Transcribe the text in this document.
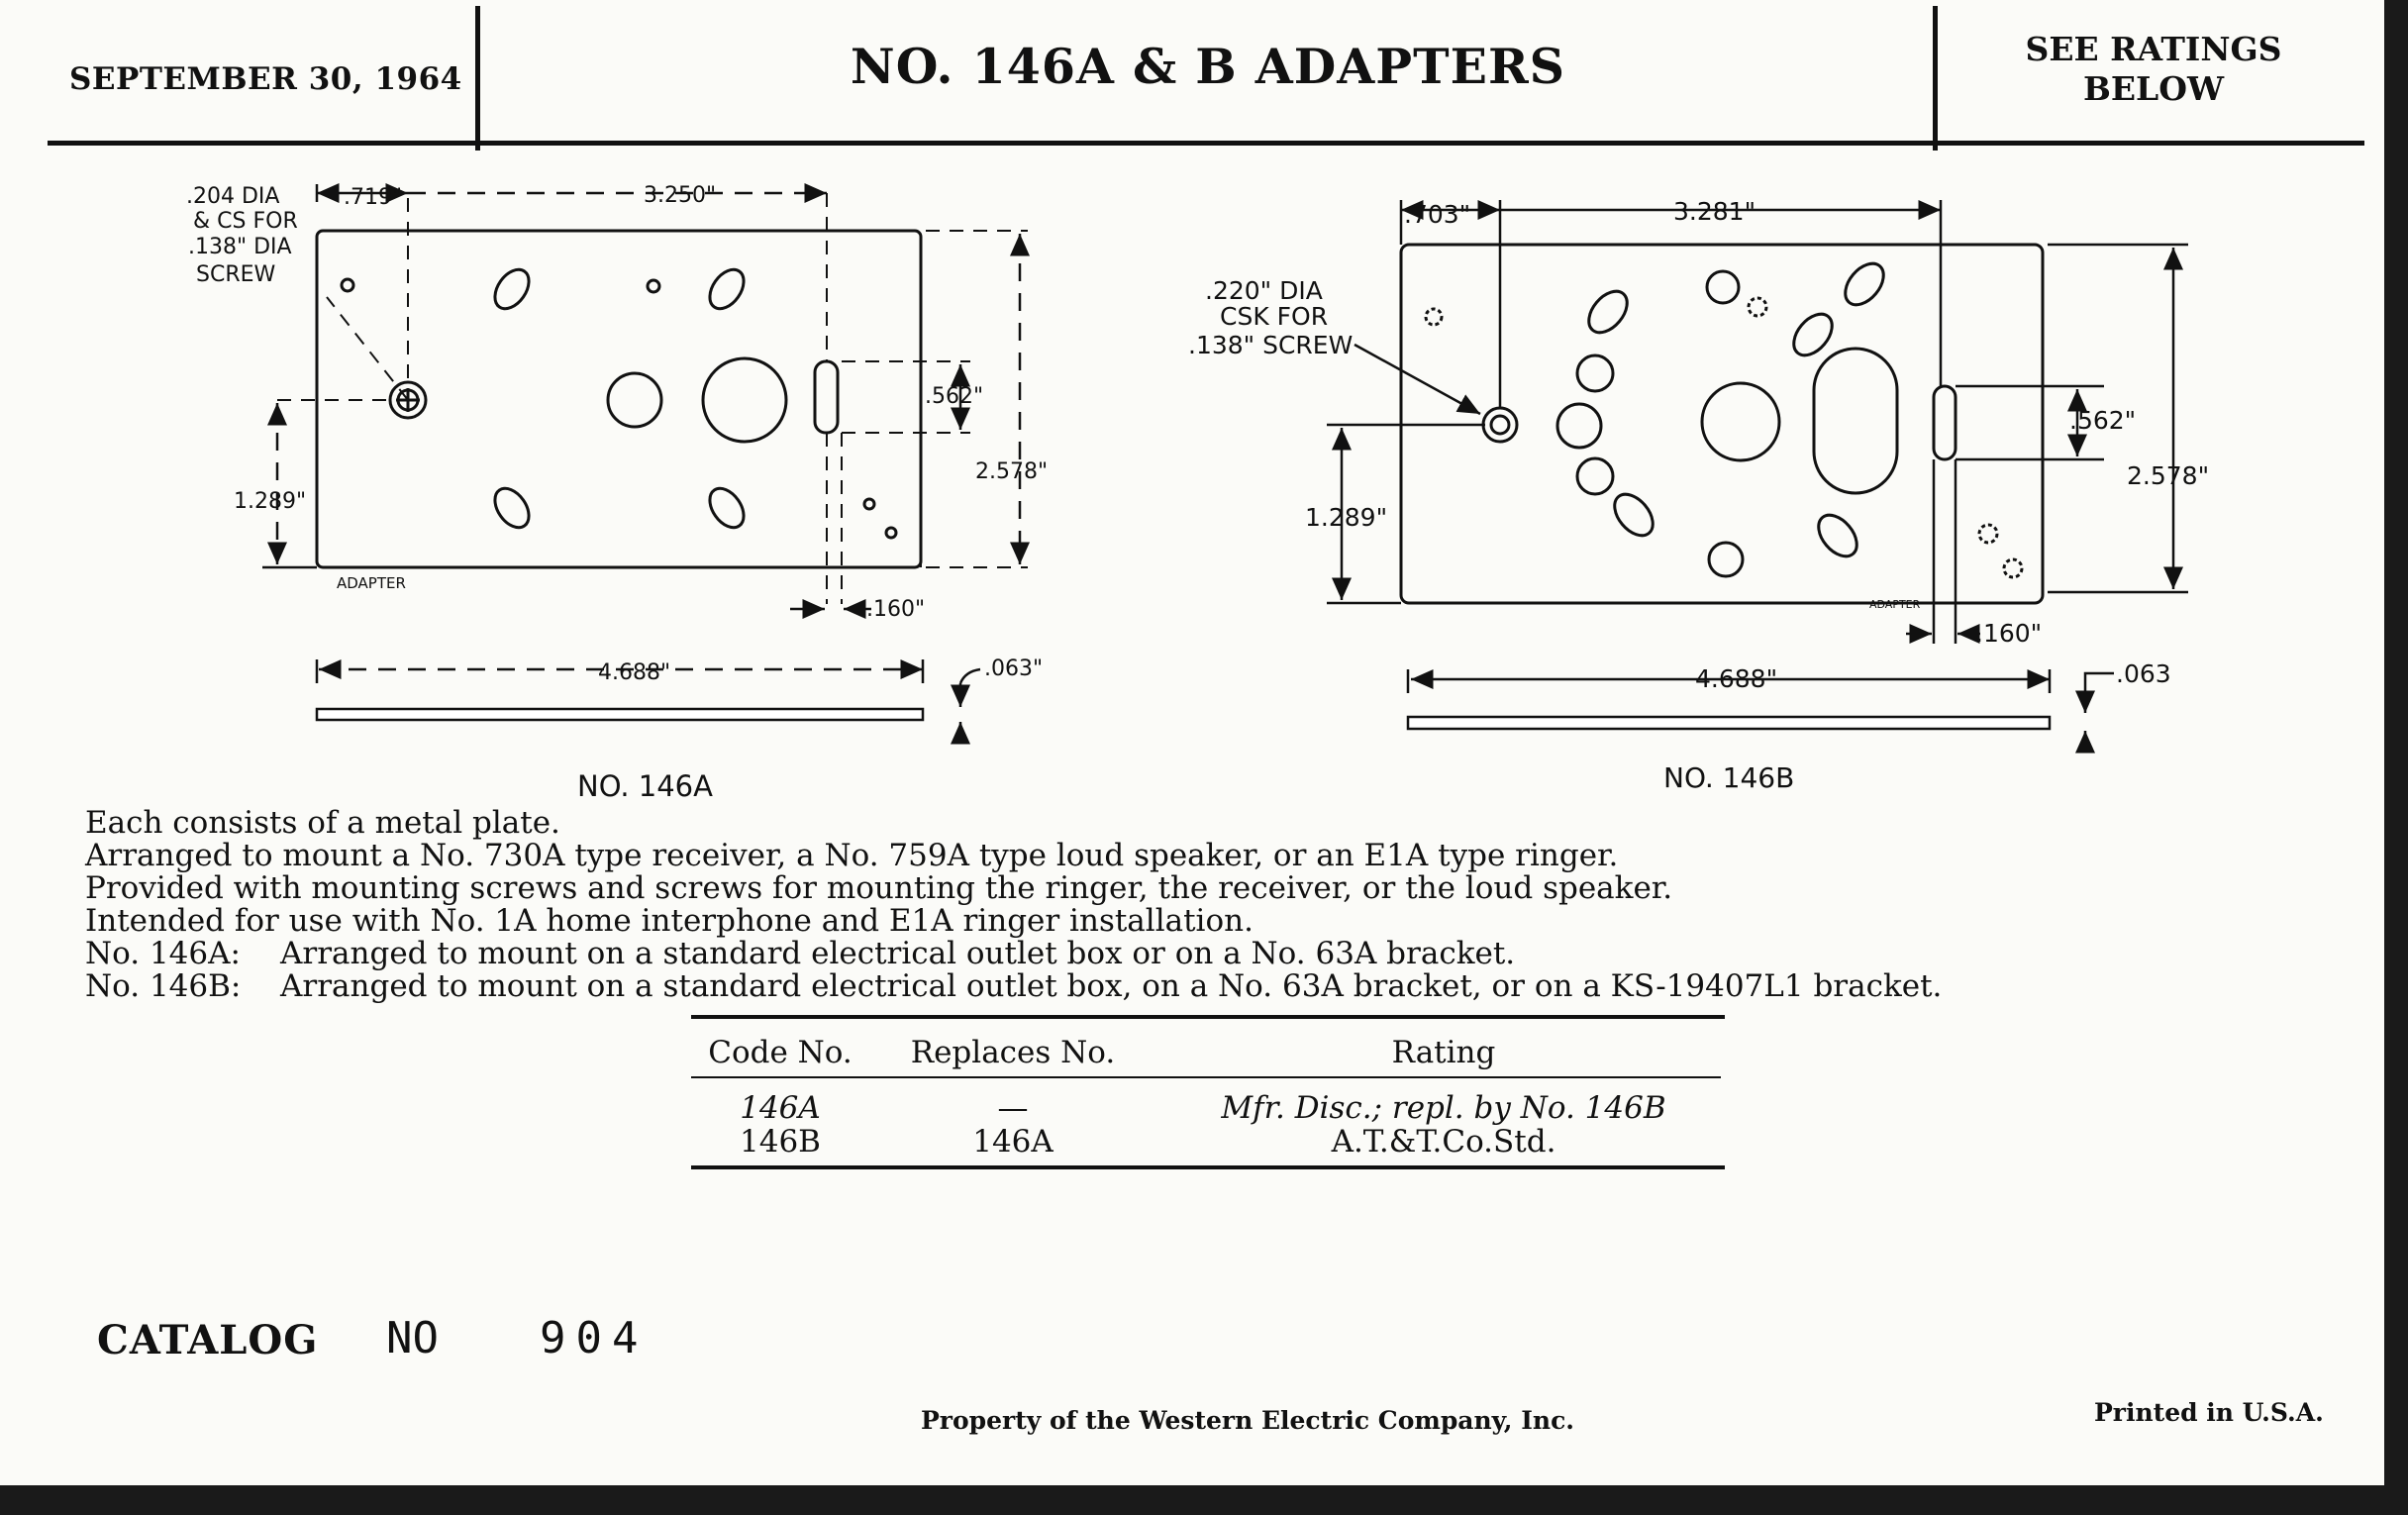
SEPTEMBER 30, 1964	NO. 146A & B ADAPTERS	SEE RATINGS
BELOW
.204 DIA
& CS FOR
.138" DIA
SCREW
.719"	3.250"
.562"
2.578"
1.289"
.160"
4.688"	.063"
ADAPTER
NO. 146A
.703"	3.281"
.220" DIA
CSK FOR
.138" SCREW
.562"
2.578"
1.289"
.160"
4.688"	.063
ADAPTER
NO. 146B
Each consists of a metal plate.
Arranged to mount a No. 730A type receiver, a No. 759A type loud speaker, or an E1A type ringer.
Provided with mounting screws and screws for mounting the ringer, the receiver, or the loud speaker.
Intended for use with No. 1A home interphone and E1A ringer installation.
No. 146A: Arranged to mount on a standard electrical outlet box or on a No. 63A bracket.
No. 146B: Arranged to mount on a standard electrical outlet box, on a No. 63A bracket, or on a KS-19407L1 bracket.
Code No.	Replaces No.	Rating
146A	—	Mfr. Disc.; repl. by No. 146B
146B	146A	A.T.&T.Co.Std.
CATALOG NO 904
Property of the Western Electric Company, Inc.	Printed in U.S.A.
